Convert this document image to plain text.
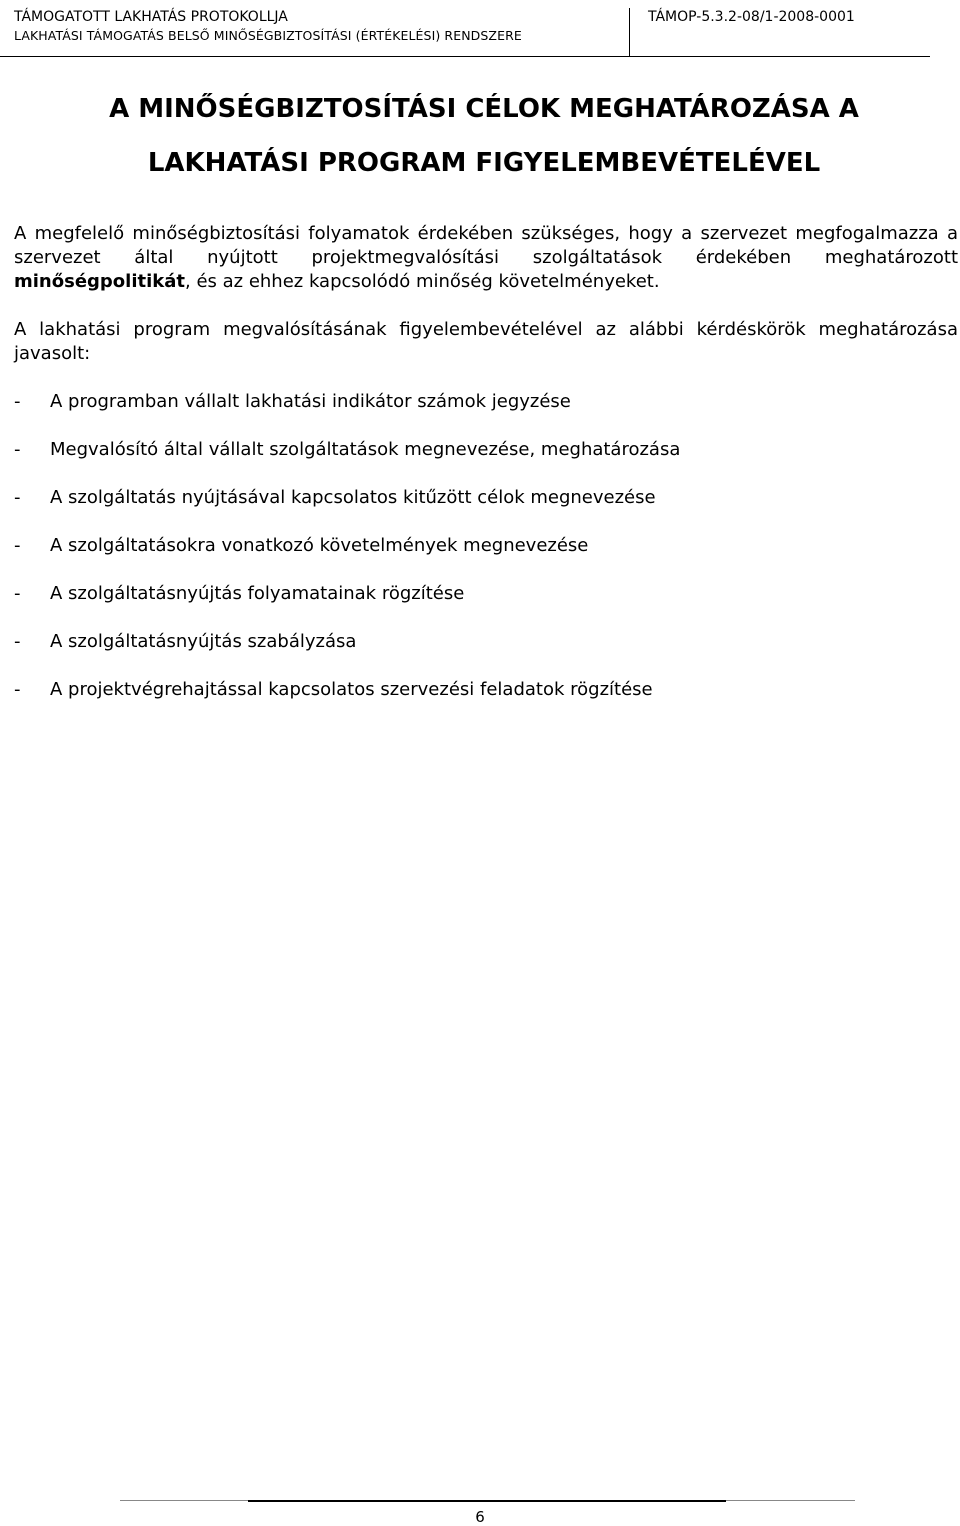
TÁMOGATOTT LAKHATÁS PROTOKOLLJA
LAKHATÁSI TÁMOGATÁS BELSŐ MINŐSÉGBIZTOSÍTÁSI (ÉRTÉKELÉSI) RENDSZERE
TÁMOP-5.3.2-08/1-2008-0001
A MINŐSÉGBIZTOSÍTÁSI CÉLOK MEGHATÁROZÁSA A
LAKHATÁSI PROGRAM FIGYELEMBEVÉTELÉVEL
A megfelelő minőségbiztosítási folyamatok érdekében szükséges, hogy a szervezet megfogalmazza a szervezet által nyújtott projektmegvalósítási szolgáltatások érdekében meghatározott minőségpolitikát, és az ehhez kapcsolódó minőség követelményeket.
A lakhatási program megvalósításának figyelembevételével az alábbi kérdéskörök meghatározása javasolt:
- A programban vállalt lakhatási indikátor számok jegyzése
- Megvalósító által vállalt szolgáltatások megnevezése, meghatározása
- A szolgáltatás nyújtásával kapcsolatos kitűzött célok megnevezése
- A szolgáltatásokra vonatkozó követelmények megnevezése
- A szolgáltatásnyújtás folyamatainak rögzítése
- A szolgáltatásnyújtás szabályzása
- A projektvégrehajtással kapcsolatos szervezési feladatok rögzítése
6
